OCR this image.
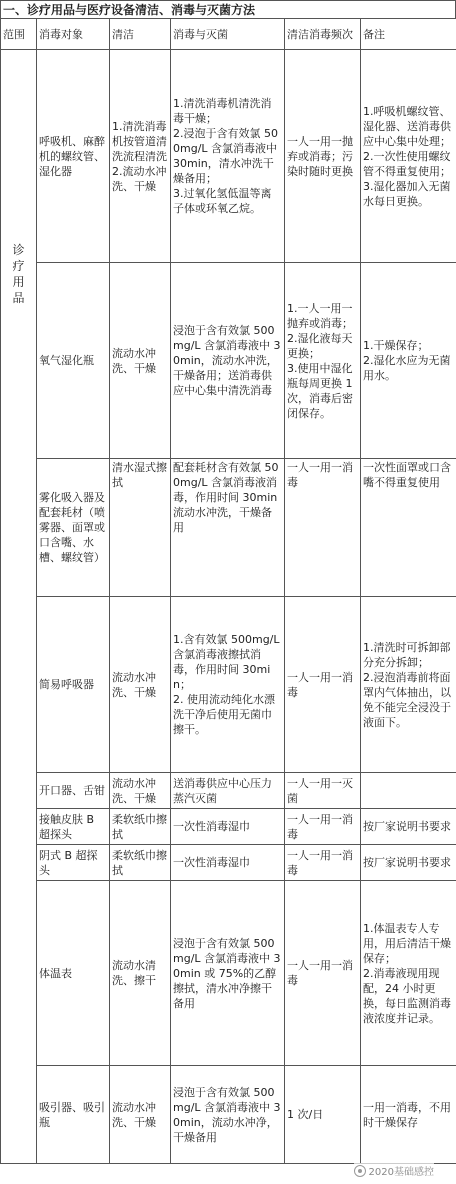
一、诊疗用品与医疗设备清洁、消毒与灭菌方法
范围	消毒对象	清洁	消毒与灭菌	清洁消毒频次	备注

诊疗用品	呼吸机、麻醉机的螺纹管、湿化器	1.清洗消毒机按管道清洗流程清洗
2.流动水冲洗、干燥	1.清洗消毒机清洗消毒干燥；
2.浸泡于含有效氯 500mg/L 含氯消毒液中 30min，清水冲洗干燥备用；
3.过氧化氢低温等离子体或环氧乙烷。	一人一用一抛弃或消毒；污染时随时更换	1.呼吸机螺纹管、湿化器、送消毒供应中心集中处理；
2.一次性使用螺纹管不得重复使用；
3.湿化器加入无菌水每日更换。
	氧气湿化瓶	流动水冲洗、干燥	浸泡于含有效氯 500mg/L 含氯消毒液中 30min，流动水冲洗，干燥备用；送消毒供应中心集中清洗消毒	1.一人一用一抛弃或消毒；
2.湿化液每天更换；
3.使用中湿化瓶每周更换 1 次，消毒后密闭保存。	1.干燥保存；
2.湿化水应为无菌用水。
	雾化吸入器及配套耗材（喷雾器、面罩或口含嘴、水槽、螺纹管）	清水湿式擦拭	配套耗材含有效氯 500mg/L 含氯消毒液消毒，作用时间 30min 流动水冲洗，干燥备用	一人一用一消毒	一次性面罩或口含嘴不得重复使用
	简易呼吸器	流动水冲洗、干燥	1.含有效氯 500mg/L 含氯消毒液擦拭消毒，作用时间 30min；
2. 使用流动纯化水漂洗干净后使用无菌巾擦干。	一人一用一消毒	1.清洗时可拆卸部分充分拆卸；
2.浸泡消毒前将面罩内气体抽出，以免不能完全浸没于液面下。
	开口器、舌钳	流动水冲洗、干燥	送消毒供应中心压力蒸汽灭菌	一人一用一灭菌	
	接触皮肤 B 超探头	柔软纸巾擦拭	一次性消毒湿巾	一人一用一消毒	按厂家说明书要求
	阴式 B 超探头	柔软纸巾擦拭	一次性消毒湿巾	一人一用一消毒	按厂家说明书要求
	体温表	流动水清洗、擦干	浸泡于含有效氯 500mg/L 含氯消毒液中 30min 或 75%的乙醇擦拭，清水冲净擦干备用	一人一用一消毒	1.体温表专人专用，用后清洁干燥保存；
2.消毒液现用现配，24 小时更换，每日监测消毒液浓度并记录。
	吸引器、吸引瓶	流动水冲洗、干燥	浸泡于含有效氯 500mg/L 含氯消毒液中 30min，流动水冲净，干燥备用	1 次/日	一用一消毒，不用时干燥保存
2020基础感控
